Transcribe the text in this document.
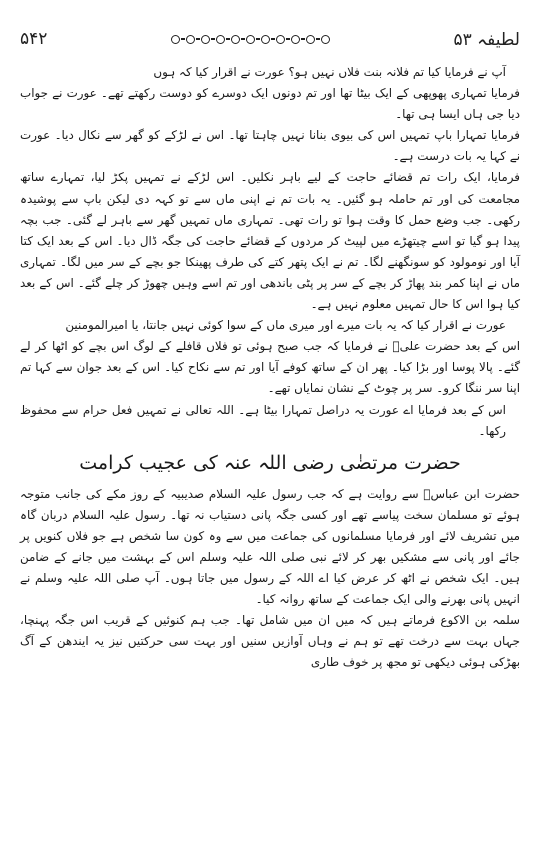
۵۴۲	لطیفہ ۵۳

آپ نے فرمایا کیا تم فلانہ بنت فلاں نہیں ہو؟ عورت نے اقرار کیا کہ ہوں

فرمایا تمہاری پھوپھی کے ایک بیٹا تھا اور تم دونوں ایک دوسرے کو دوست رکھتے تھے۔ عورت نے جواب دیا جی ہاں ایسا ہی تھا۔

فرمایا تمہارا باپ تمہیں اس کی بیوی بنانا نہیں چاہتا تھا۔ اس نے لڑکے کو گھر سے نکال دیا۔ عورت نے کہا یہ بات درست ہے۔

فرمایا، ایک رات تم قضائے حاجت کے لیے باہر نکلیں۔ اس لڑکے نے تمہیں پکڑ لیا، تمہارے ساتھ مجامعت کی اور تم حاملہ ہو گئیں۔ یہ بات تم نے اپنی ماں سے تو کہہ دی لیکن باپ سے پوشیدہ رکھی۔ جب وضع حمل کا وقت ہوا تو رات تھی۔ تمہاری ماں تمہیں گھر سے باہر لے گئی۔ جب بچہ پیدا ہو گیا تو اسے چیتھڑے میں لپیٹ کر مردوں کے قضائے حاجت کی جگہ ڈال دیا۔ اس کے بعد ایک کتا آیا اور نومولود کو سونگھنے لگا۔ تم نے ایک پتھر کتے کی طرف پھینکا جو بچے کے سر میں لگا۔ تمہاری ماں نے اپنا کمر بند پھاڑ کر بچے کے سر پر پٹی باندھی اور تم اسے وہیں چھوڑ کر چلے گئے۔ اس کے بعد کیا ہوا اس کا حال تمہیں معلوم نہیں ہے۔

عورت نے اقرار کیا کہ یہ بات میرے اور میری ماں کے سوا کوئی نہیں جانتا، یا امیرالمومنین

اس کے بعد حضرت علیؓ نے فرمایا کہ جب صبح ہوئی تو فلاں قافلے کے لوگ اس بچے کو اٹھا کر لے گئے۔ پالا پوسا اور بڑا کیا۔ پھر ان کے ساتھ کوفے آیا اور تم سے نکاح کیا۔ اس کے بعد جوان سے کہا تم اپنا سر ننگا کرو۔ سر پر چوٹ کے نشان نمایاں تھے۔

اس کے بعد فرمایا اے عورت یہ دراصل تمہارا بیٹا ہے۔ اللہ تعالی نے تمہیں فعل حرام سے محفوظ رکھا۔

حضرت مرتضٰی رضی اللہ عنہ کی عجیب کرامت

حضرت ابن عباسؓ سے روایت ہے کہ جب رسول علیہ السلام صدیبیہ کے روز مکے کی جانب متوجہ ہوئے تو مسلمان سخت پیاسے تھے اور کسی جگہ پانی دستیاب نہ تھا۔ رسول علیہ السلام دربان گاہ میں تشریف لائے اور فرمایا مسلمانوں کی جماعت میں سے وہ کون سا شخص ہے جو فلاں کنویں پر جائے اور پانی سے مشکیں بھر کر لائے نبی صلی اللہ علیہ وسلم اس کے بہشت میں جانے کے ضامن ہیں۔ ایک شخص نے اٹھ کر عرض کیا اے اللہ کے رسول میں جاتا ہوں۔ آپ صلی اللہ علیہ وسلم نے انہیں پانی بھرنے والی ایک جماعت کے ساتھ روانہ کیا۔

سلمہ بن الاکوع فرماتے ہیں کہ میں ان میں شامل تھا۔ جب ہم کنوئیں کے قریب اس جگہ پہنچا، جہاں بہت سے درخت تھے تو ہم نے وہاں آوازیں سنیں اور بہت سی حرکتیں نیز یہ ایندھن کے آگ بھڑکی ہوئی دیکھی تو مجھ پر خوف طاری
